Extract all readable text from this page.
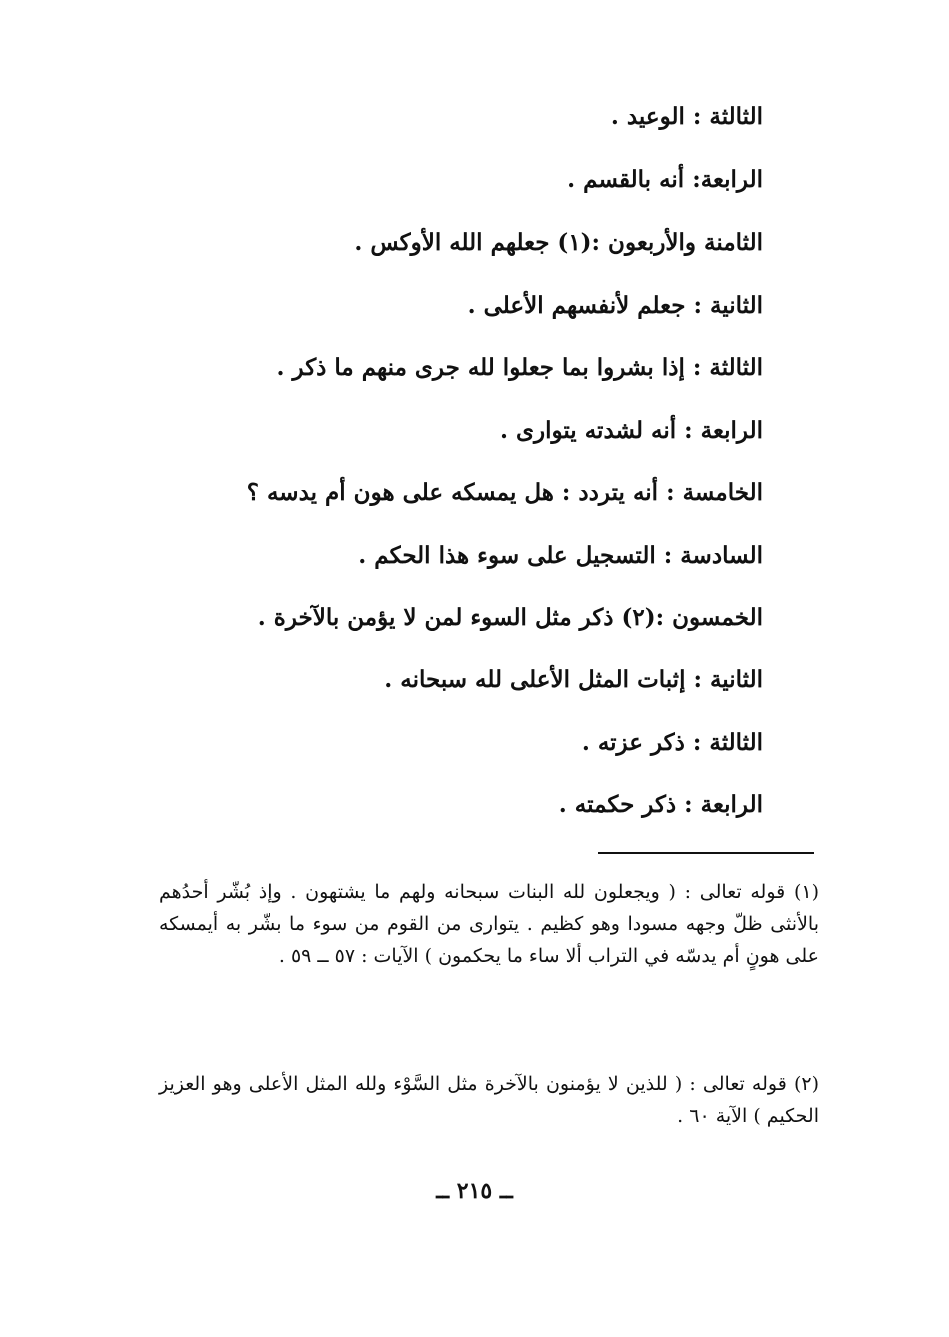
الثالثة : الوعيد .
الرابعة: أنه بالقسم .
الثامنة والأربعون :(١) جعلهم الله الأوكس .
الثانية : جعلم لأنفسهم الأعلى .
الثالثة : إذا بشروا بما جعلوا لله جرى منهم ما ذكر .
الرابعة : أنه لشدته يتوارى .
الخامسة : أنه يتردد : هل يمسكه على هون أم يدسه ؟
السادسة : التسجيل على سوء هذا الحكم .
الخمسون :(٢) ذكر مثل السوء لمن لا يؤمن بالآخرة .
الثانية : إثبات المثل الأعلى لله سبحانه .
الثالثة : ذكر عزته .
الرابعة : ذكر حكمته .
(١) قوله تعالى : ( ويجعلون لله البنات سبحانه ولهم ما يشتهون . وإذ بُشّر أحدُهم بالأنثى ظلّ وجهه مسودا وهو كظيم . يتوارى من القوم من سوء ما بشّر به أيمسكه على هونٍ أم يدسّه في التراب ألا ساء ما يحكمون ) الآيات : ٥٧ ــ ٥٩ .
(٢) قوله تعالى : ( للذين لا يؤمنون بالآخرة مثل السَّوْء ولله المثل الأعلى وهو العزيز الحكيم ) الآية ٦٠ .
ــ ٢١٥ ــ
